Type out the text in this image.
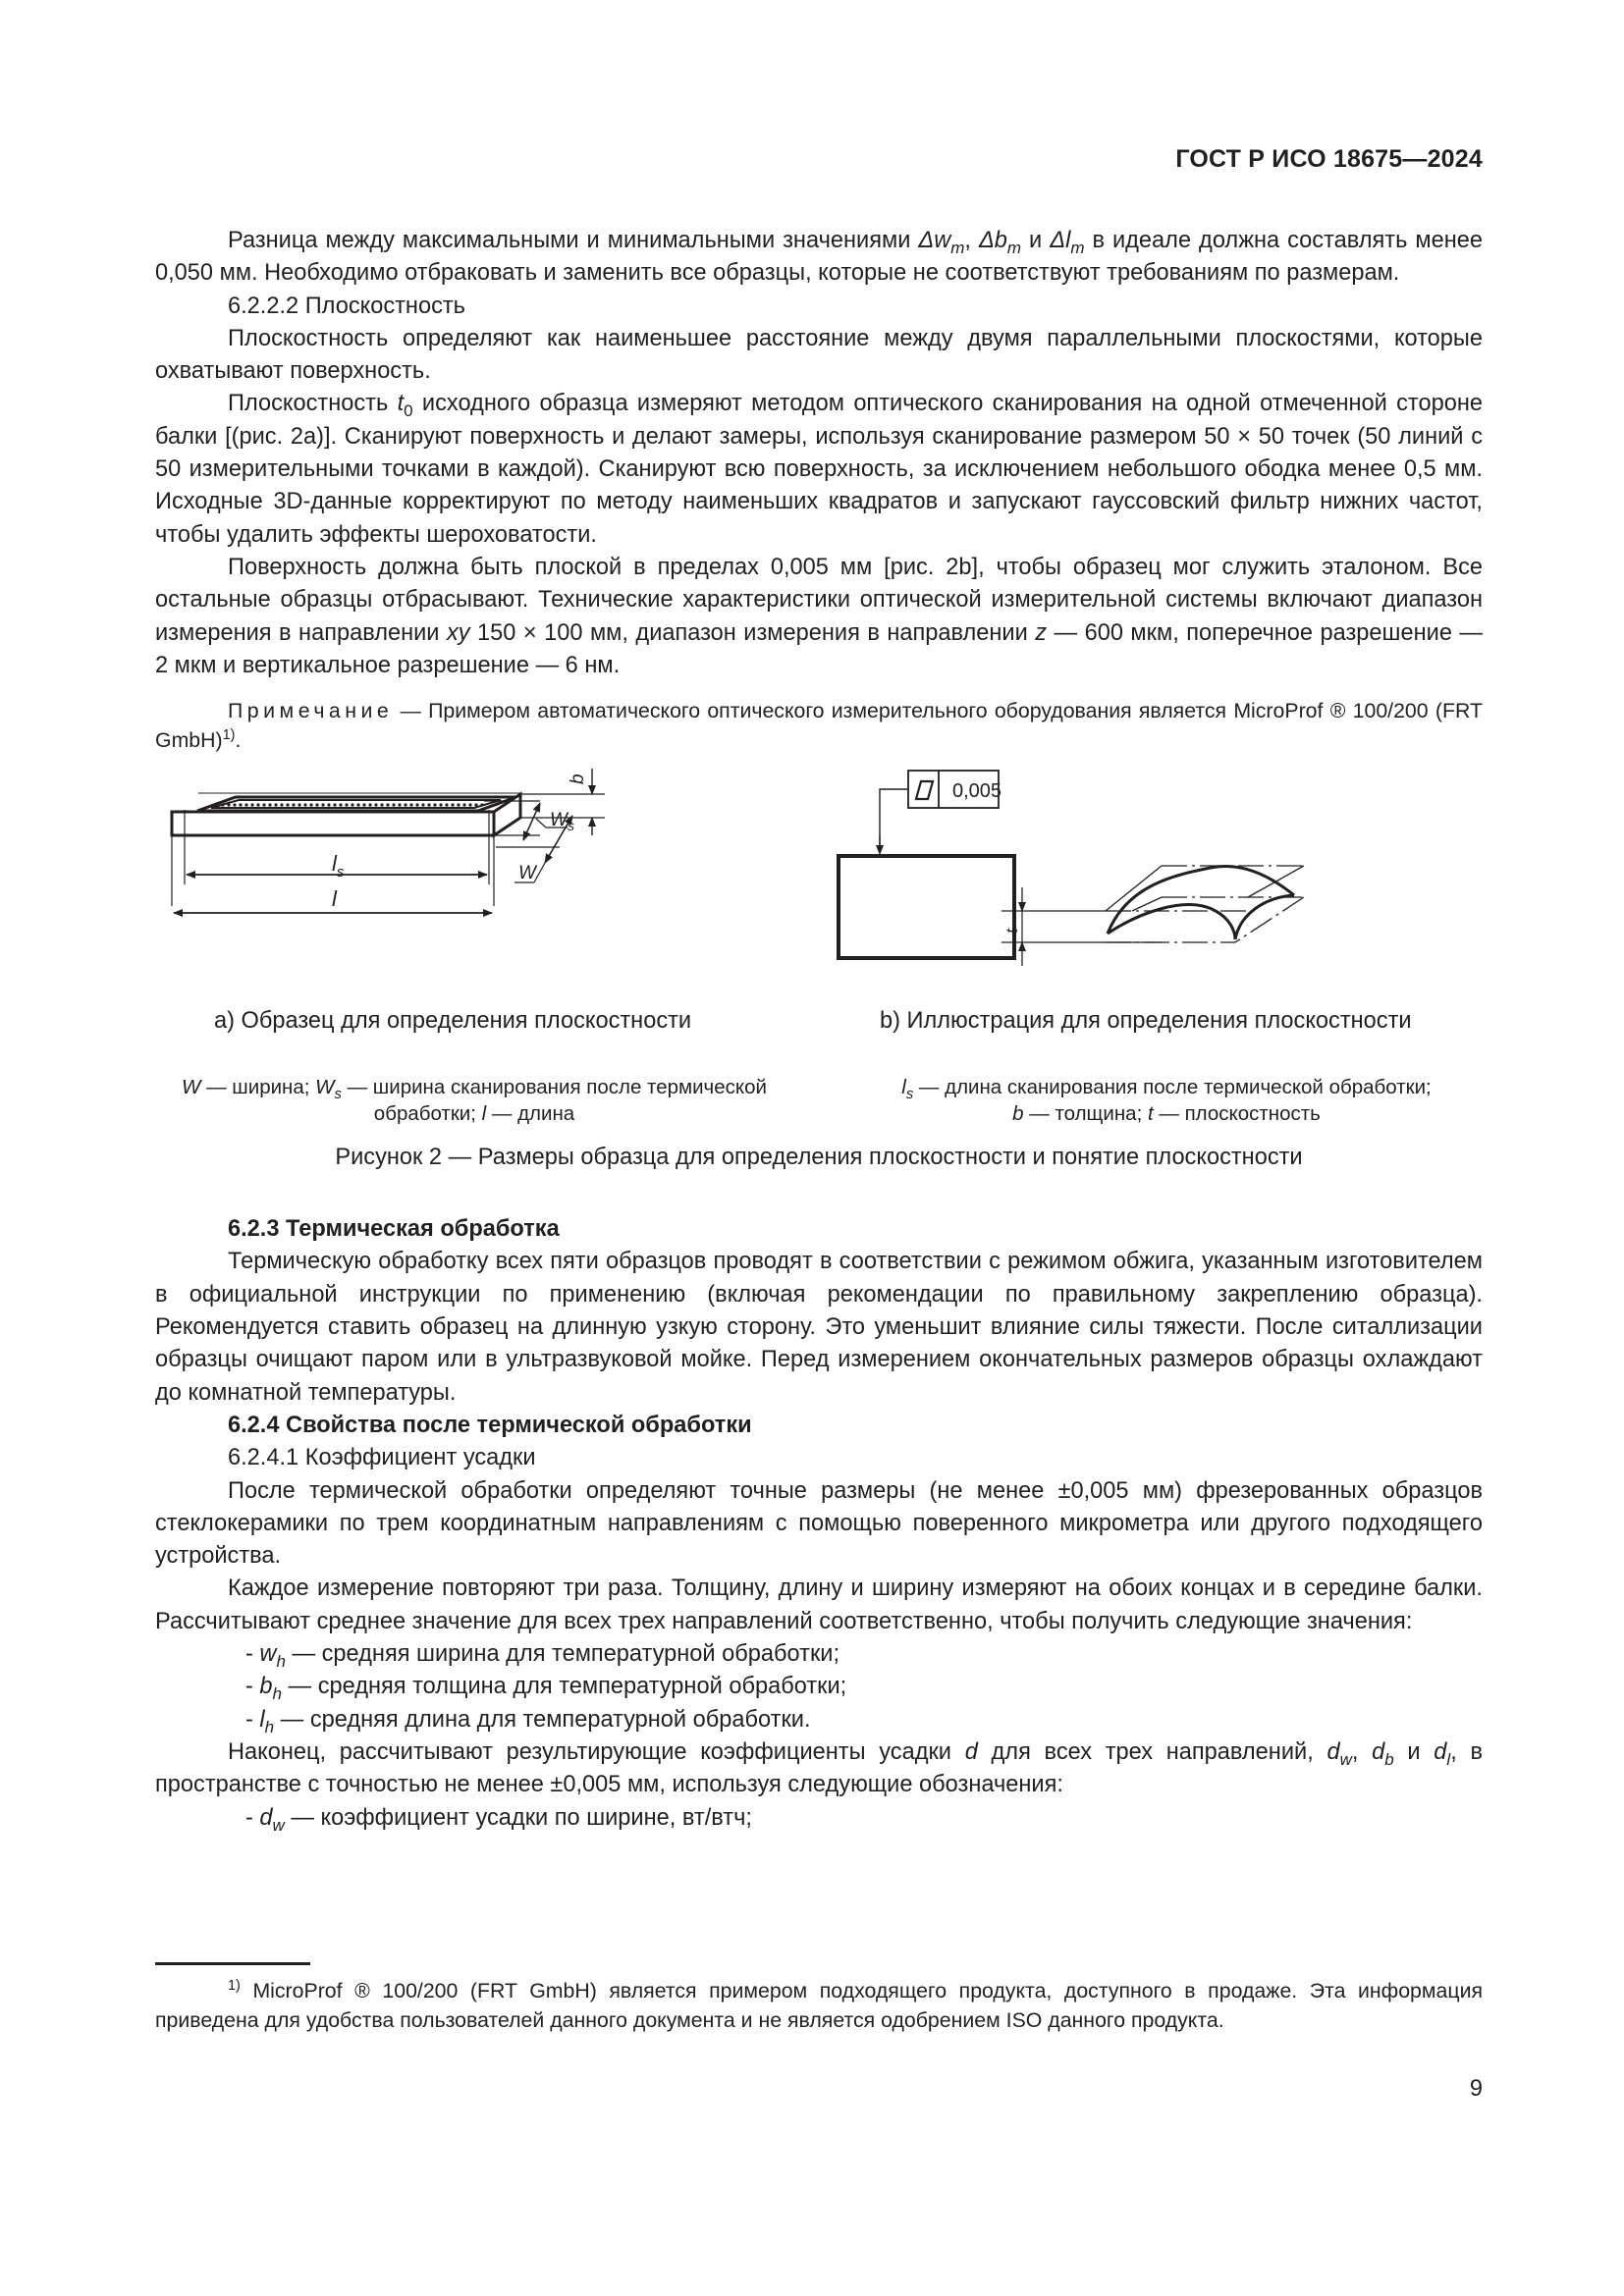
ГОСТ Р ИСО 18675—2024

Разница между максимальными и минимальными значениями $\Delta w_m$, $\Delta b_m$ и $\Delta l_m$ в идеале должна составлять менее 0,050 мм. Необходимо отбраковать и заменить все образцы, которые не соответствуют требованиям по размерам.

6.2.2.2 Плоскостность

Плоскостность определяют как наименьшее расстояние между двумя параллельными плоскостями, которые охватывают поверхность.

Плоскостность $t_0$ исходного образца измеряют методом оптического сканирования на одной отмеченной стороне балки [(рис. 2a)]. Сканируют поверхность и делают замеры, используя сканирование размером 50 × 50 точек (50 линий с 50 измерительными точками в каждой). Сканируют всю поверхность, за исключением небольшого ободка менее 0,5 мм. Исходные 3D-данные корректируют по методу наименьших квадратов и запускают гауссовский фильтр нижних частот, чтобы удалить эффекты шероховатости.

Поверхность должна быть плоской в пределах 0,005 мм [рис. 2b], чтобы образец мог служить эталоном. Все остальные образцы отбрасывают. Технические характеристики оптической измерительной системы включают диапазон измерения в направлении xy 150 × 100 мм, диапазон измерения в направлении z — 600 мкм, поперечное разрешение — 2 мкм и вертикальное разрешение — 6 нм.

Примечание — Примером автоматического оптического измерительного оборудования является MicroProf ® 100/200 (FRT GmbH)$^{1)}$.

$l_s$
l
$W_s$
W
b
0,005
t
a) Образец для определения плоскостности	b) Иллюстрация для определения плоскостности
W — ширина; $W_s$ — ширина сканирования после термической обработки; l — длина
$l_s$ — длина сканирования после термической обработки;
b — толщина; t — плоскостность
Рисунок 2 — Размеры образца для определения плоскостности и понятие плоскостности

6.2.3 Термическая обработка

Термическую обработку всех пяти образцов проводят в соответствии с режимом обжига, указанным изготовителем в официальной инструкции по применению (включая рекомендации по правильному закреплению образца). Рекомендуется ставить образец на длинную узкую сторону. Это уменьшит влияние силы тяжести. После ситаллизации образцы очищают паром или в ультразвуковой мойке. Перед измерением окончательных размеров образцы охлаждают до комнатной температуры.

6.2.4 Свойства после термической обработки

6.2.4.1 Коэффициент усадки

После термической обработки определяют точные размеры (не менее ±0,005 мм) фрезерованных образцов стеклокерамики по трем координатным направлениям с помощью поверенного микрометра или другого подходящего устройства.

Каждое измерение повторяют три раза. Толщину, длину и ширину измеряют на обоих концах и в середине балки. Рассчитывают среднее значение для всех трех направлений соответственно, чтобы получить следующие значения:

- $w_h$ — средняя ширина для температурной обработки;

- $b_h$ — средняя толщина для температурной обработки;

- $l_h$ — средняя длина для температурной обработки.

Наконец, рассчитывают результирующие коэффициенты усадки d для всех трех направлений, $d_w$, $d_b$ и $d_l$, в пространстве с точностью не менее ±0,005 мм, используя следующие обозначения:

- $d_w$ — коэффициент усадки по ширине, вт/втч;

$^{1)}$ MicroProf ® 100/200 (FRT GmbH) является примером подходящего продукта, доступного в продаже. Эта информация приведена для удобства пользователей данного документа и не является одобрением ISO данного продукта.

9
